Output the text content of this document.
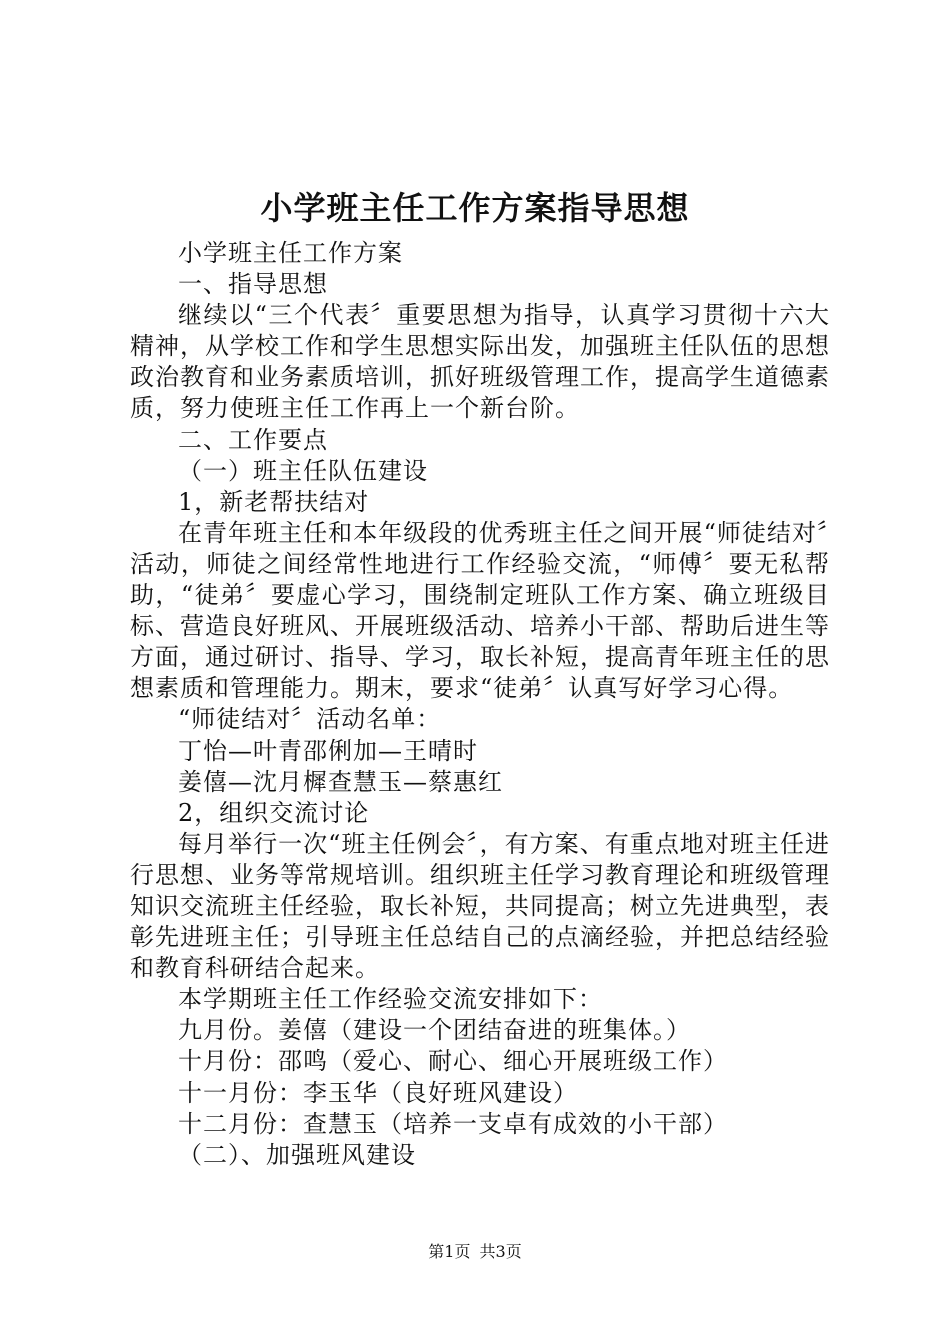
小学班主任工作方案指导思想

小学班主任工作方案

一、指导思想

继续以“三个代表〞重要思想为指导，认真学习贯彻十六大精神，从学校工作和学生思想实际出发，加强班主任队伍的思想政治教育和业务素质培训，抓好班级管理工作，提高学生道德素质，努力使班主任工作再上一个新台阶。

二、工作要点

（一）班主任队伍建设

1，新老帮扶结对

在青年班主任和本年级段的优秀班主任之间开展“师徒结对〞活动，师徒之间经常性地进行工作经验交流，“师傅〞要无私帮助，“徒弟〞要虚心学习，围绕制定班队工作方案、确立班级目标、营造良好班风、开展班级活动、培养小干部、帮助后进生等方面，通过研讨、指导、学习，取长补短，提高青年班主任的思想素质和管理能力。期末，要求“徒弟〞认真写好学习心得。

“师徒结对〞活动名单：

丁怡—叶青邵俐加—王晴时

姜僖—沈月樨查慧玉—蔡惠红

2，组织交流讨论

每月举行一次“班主任例会〞，有方案、有重点地对班主任进行思想、业务等常规培训。组织班主任学习教育理论和班级管理知识交流班主任经验，取长补短，共同提高；树立先进典型，表彰先进班主任；引导班主任总结自己的点滴经验，并把总结经验和教育科研结合起来。

本学期班主任工作经验交流安排如下：

九月份。姜僖（建设一个团结奋进的班集体。）

十月份：邵鸣（爱心、耐心、细心开展班级工作）

十一月份：李玉华（良好班风建设）

十二月份：查慧玉（培养一支卓有成效的小干部）

（二）、加强班风建设

第1页 共3页
